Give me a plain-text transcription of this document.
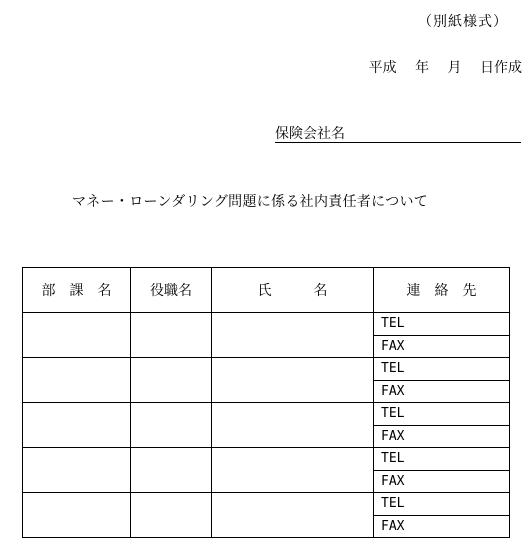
（別紙様式）
平成　 年　 月　 日作成
保険会社名
マネー・ローンダリング問題に係る社内責任者について
部　課　名	役職名	氏　　　名	連　絡　先
			TEL
			FAX
			TEL
			FAX
			TEL
			FAX
			TEL
			FAX
			TEL
			FAX
